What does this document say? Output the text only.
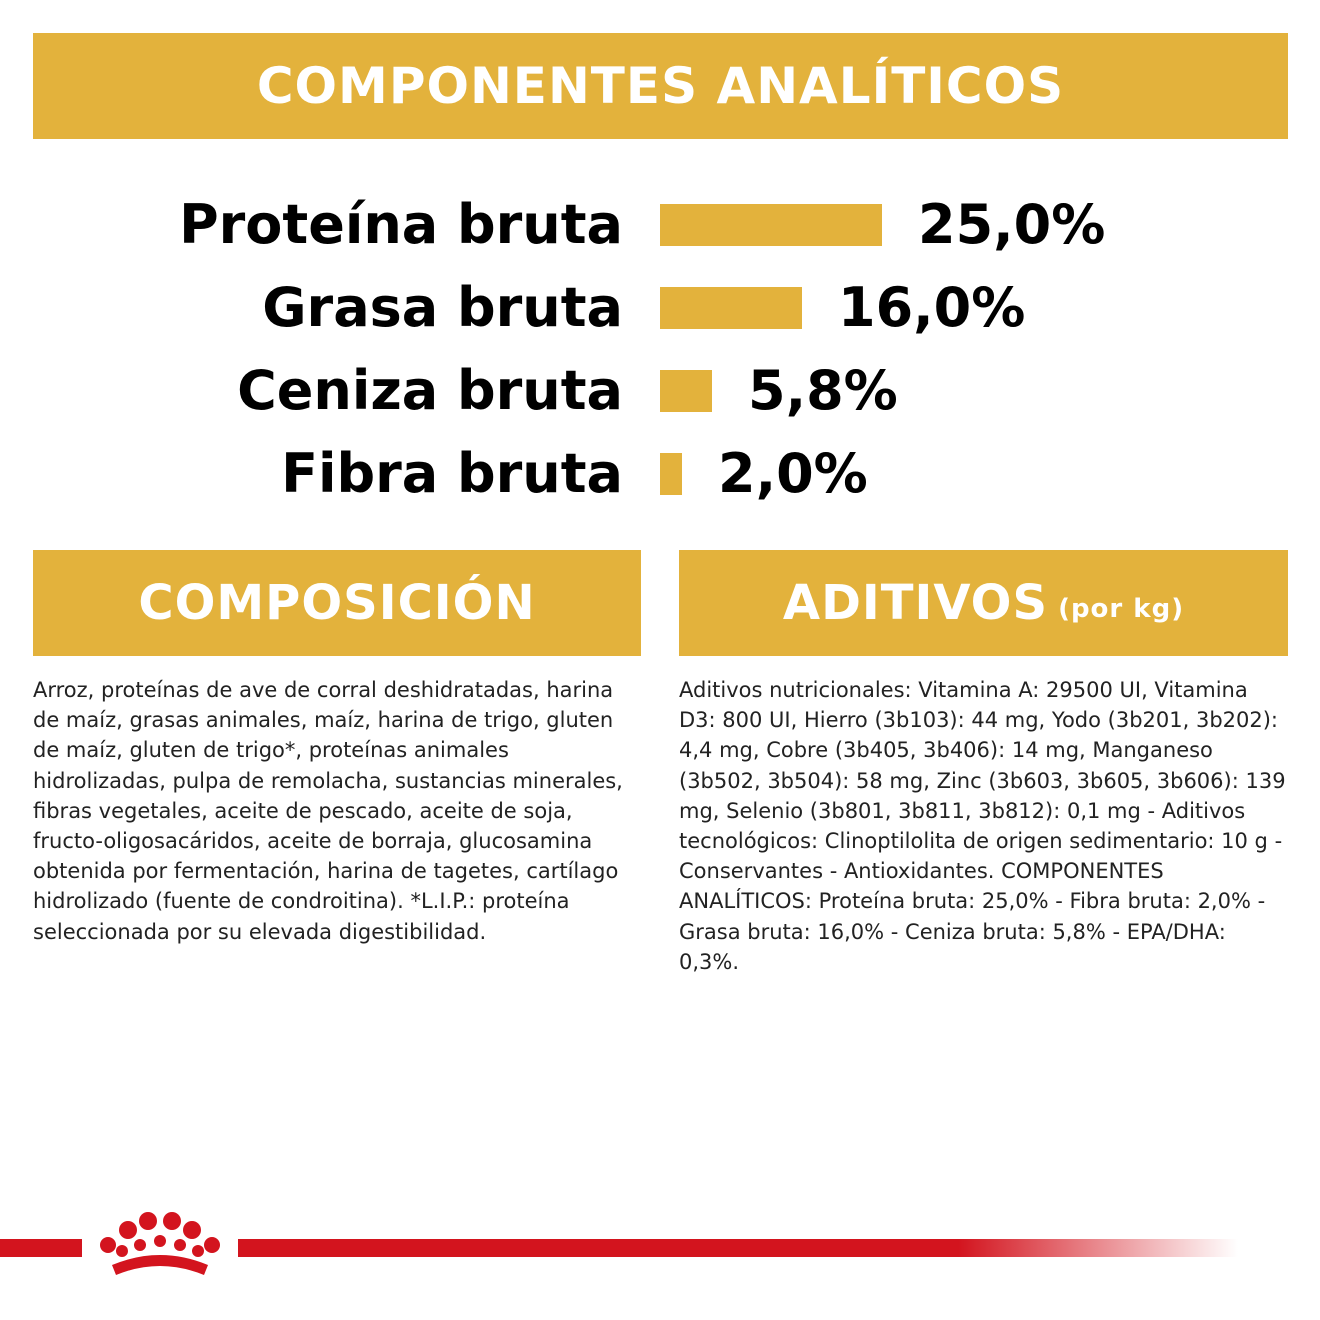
COMPONENTES ANALÍTICOS
Proteína bruta	25,0%
Grasa bruta	16,0%
Ceniza bruta 5,8%
Fibra bruta 2,0%
COMPOSICIÓN	ADITIVOS (por kg)

Arroz, proteínas de ave de corral deshidratadas, harina de maíz, grasas animales, maíz, harina de trigo, gluten de maíz, gluten de trigo*, proteínas animales hidrolizadas, pulpa de remolacha, sustancias minerales, fibras vegetales, aceite de pescado, aceite de soja, fructo-oligosacáridos, aceite de borraja, glucosamina obtenida por fermentación, harina de tagetes, cartílago hidrolizado (fuente de condroitina). *L.I.P.: proteína seleccionada por su elevada digestibilidad.

Aditivos nutricionales: Vitamina A: 29500 UI, Vitamina D3: 800 UI, Hierro (3b103): 44 mg, Yodo (3b201, 3b202): 4,4 mg, Cobre (3b405, 3b406): 14 mg, Manganeso (3b502, 3b504): 58 mg, Zinc (3b603, 3b605, 3b606): 139 mg, Selenio (3b801, 3b811, 3b812): 0,1 mg - Aditivos tecnológicos: Clinoptilolita de origen sedimentario: 10 g - Conservantes - Antioxidantes. COMPONENTES ANALÍTICOS: Proteína bruta: 25,0% - Fibra bruta: 2,0% - Grasa bruta: 16,0% - Ceniza bruta: 5,8% - EPA/DHA: 0,3%.
